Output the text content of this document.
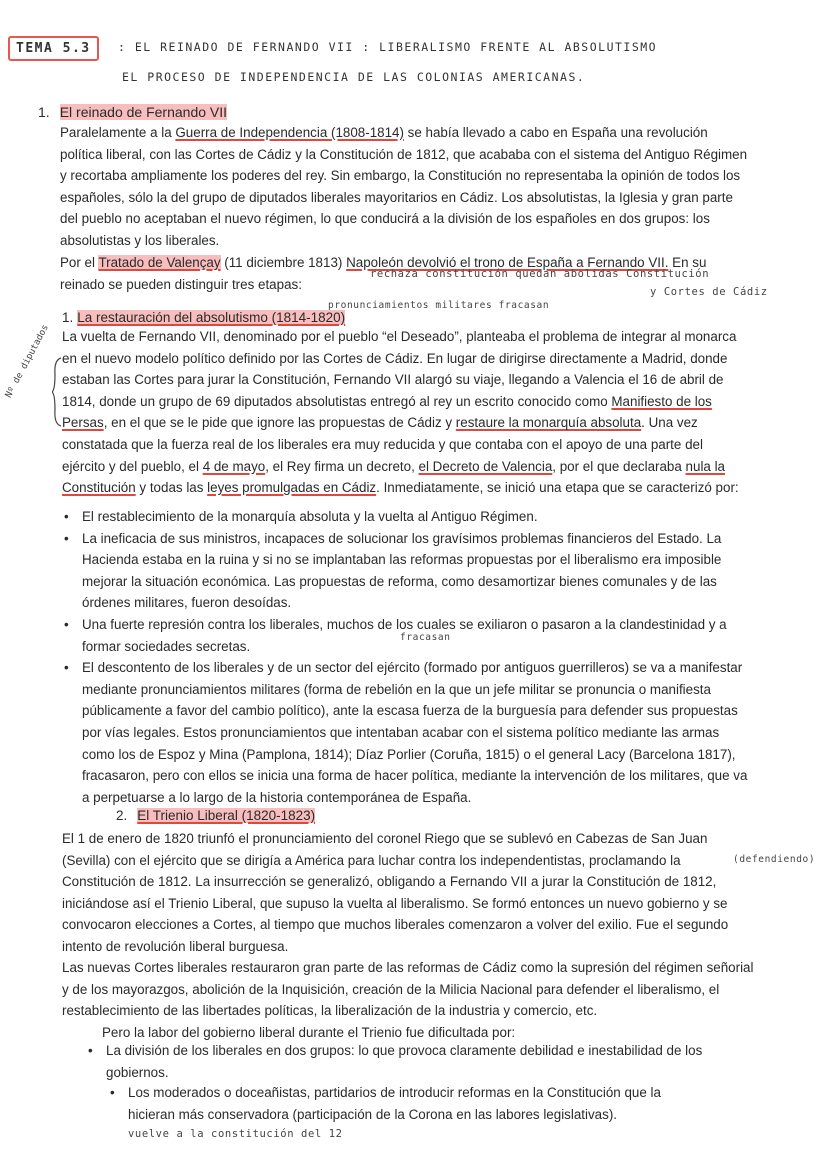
TEMA 5.3	: EL REINADO DE FERNANDO VII : LIBERALISMO FRENTE AL ABSOLUTISMO
EL PROCESO DE INDEPENDENCIA DE LAS COLONIAS AMERICANAS.
1. El reinado de Fernando VII
Paralelamente a la Guerra de Independencia (1808-1814) se había llevado a cabo en España una revolución política liberal, con las Cortes de Cádiz y la Constitución de 1812, que acababa con el sistema del Antiguo Régimen y recortaba ampliamente los poderes del rey. Sin embargo, la Constitución no representaba la opinión de todos los españoles, sólo la del grupo de diputados liberales mayoritarios en Cádiz. Los absolutistas, la Iglesia y gran parte del pueblo no aceptaban el nuevo régimen, lo que conducirá a la división de los españoles en dos grupos: los absolutistas y los liberales.
Por el Tratado de Valençay (11 diciembre 1813) Napoleón devolvió el trono de España a Fernando VII. En su reinado se pueden distinguir tres etapas:
rechaza constitución quedan abolidas Constitución
y Cortes de Cádiz
pronunciamientos militares fracasan
1. La restauración del absolutismo (1814-1820)
Nº de diputados La vuelta de Fernando VII, denominado por el pueblo “el Deseado”, planteaba el problema de integrar al monarca en el nuevo modelo político definido por las Cortes de Cádiz. En lugar de dirigirse directamente a Madrid, donde estaban las Cortes para jurar la Constitución, Fernando VII alargó su viaje, llegando a Valencia el 16 de abril de 1814, donde un grupo de 69 diputados absolutistas entregó al rey un escrito conocido como Manifiesto de los Persas, en el que se le pide que ignore las propuestas de Cádiz y restaure la monarquía absoluta. Una vez constatada que la fuerza real de los liberales era muy reducida y que contaba con el apoyo de una parte del ejército y del pueblo, el 4 de mayo, el Rey firma un decreto, el Decreto de Valencia, por el que declaraba nula la Constitución y todas las leyes promulgadas en Cádiz. Inmediatamente, se inició una etapa que se caracterizó por:
• El restablecimiento de la monarquía absoluta y la vuelta al Antiguo Régimen.
• La ineficacia de sus ministros, incapaces de solucionar los gravísimos problemas financieros del Estado. La Hacienda estaba en la ruina y si no se implantaban las reformas propuestas por el liberalismo era imposible mejorar la situación económica. Las propuestas de reforma, como desamortizar bienes comunales y de las órdenes militares, fueron desoídas.
• Una fuerte represión contra los liberales, muchos de los cuales se exiliaron o pasaron a la clandestinidad y a formar sociedades secretas.
• El descontento de los liberales y de un sector del ejército (formado por antiguos guerrilleros) se va a manifestar mediante pronunciamientos militares (forma de rebelión en la que un jefe militar se pronuncia o manifiesta públicamente a favor del cambio político), ante la escasa fuerza de la burguesía para defender sus propuestas por vías legales. Estos pronunciamientos que intentaban acabar con el sistema político mediante las armas como los de Espoz y Mina (Pamplona, 1814); Díaz Porlier (Coruña, 1815) o el general Lacy (Barcelona 1817), fracasaron, pero con ellos se inicia una forma de hacer política, mediante la intervención de los militares, que va a perpetuarse a lo largo de la historia contemporánea de España.
fracasan
2. El Trienio Liberal (1820-1823)
El 1 de enero de 1820 triunfó el pronunciamiento del coronel Riego que se sublevó en Cabezas de San Juan (Sevilla) con el ejército que se dirigía a América para luchar contra los independentistas, proclamando la Constitución de 1812. La insurrección se generalizó, obligando a Fernando VII a jurar la Constitución de 1812, iniciándose así el Trienio Liberal, que supuso la vuelta al liberalismo. Se formó entonces un nuevo gobierno y se convocaron elecciones a Cortes, al tiempo que muchos liberales comenzaron a volver del exilio. Fue el segundo intento de revolución liberal burguesa.
(defendiendo)
Las nuevas Cortes liberales restauraron gran parte de las reformas de Cádiz como la supresión del régimen señorial y de los mayorazgos, abolición de la Inquisición, creación de la Milicia Nacional para defender el liberalismo, el restablecimiento de las libertades políticas, la liberalización de la industria y comercio, etc.
Pero la labor del gobierno liberal durante el Trienio fue dificultada por:
• La división de los liberales en dos grupos: lo que provoca claramente debilidad e inestabilidad de los gobiernos.
• Los moderados o doceañistas, partidarios de introducir reformas en la Constitución que la hicieran más conservadora (participación de la Corona en las labores legislativas).
vuelve a la constitución del 12
